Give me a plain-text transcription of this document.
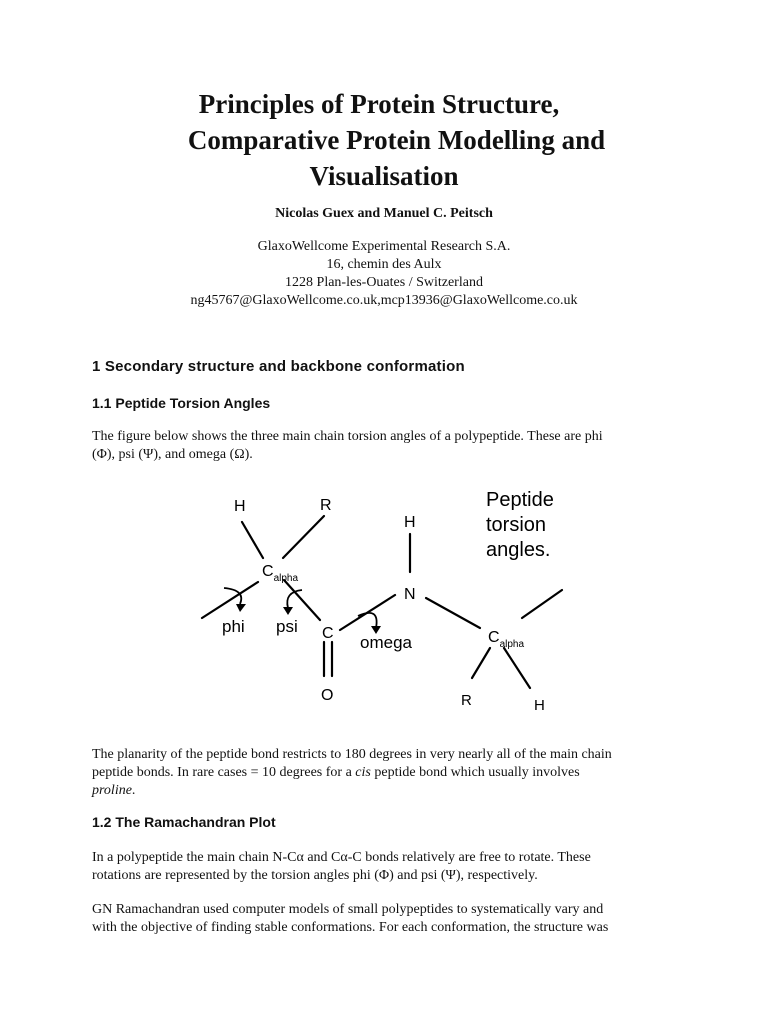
Principles of Protein Structure,
Comparative Protein Modelling and
Visualisation
Nicolas Guex and Manuel C. Peitsch
GlaxoWellcome Experimental Research S.A.
16, chemin des Aulx
1228 Plan-les-Ouates / Switzerland
ng45767@GlaxoWellcome.co.uk,mcp13936@GlaxoWellcome.co.uk
1 Secondary structure and backbone conformation
1.1 Peptide Torsion Angles
The figure below shows the three main chain torsion angles of a polypeptide. These are phi
(Φ), psi (Ψ), and omega (Ω).
H	R
H
$C_{alpha}$
N
C
O
$C_{alpha}$
R	H
phi psi
omega
Peptide
torsion
angles.
The planarity of the peptide bond restricts to 180 degrees in very nearly all of the main chain
peptide bonds. In rare cases = 10 degrees for a cis peptide bond which usually involves
proline.
1.2 The Ramachandran Plot
In a polypeptide the main chain N-Cα and Cα-C bonds relatively are free to rotate. These
rotations are represented by the torsion angles phi (Φ) and psi (Ψ), respectively.
GN Ramachandran used computer models of small polypeptides to systematically vary and
with the objective of finding stable conformations. For each conformation, the structure was
